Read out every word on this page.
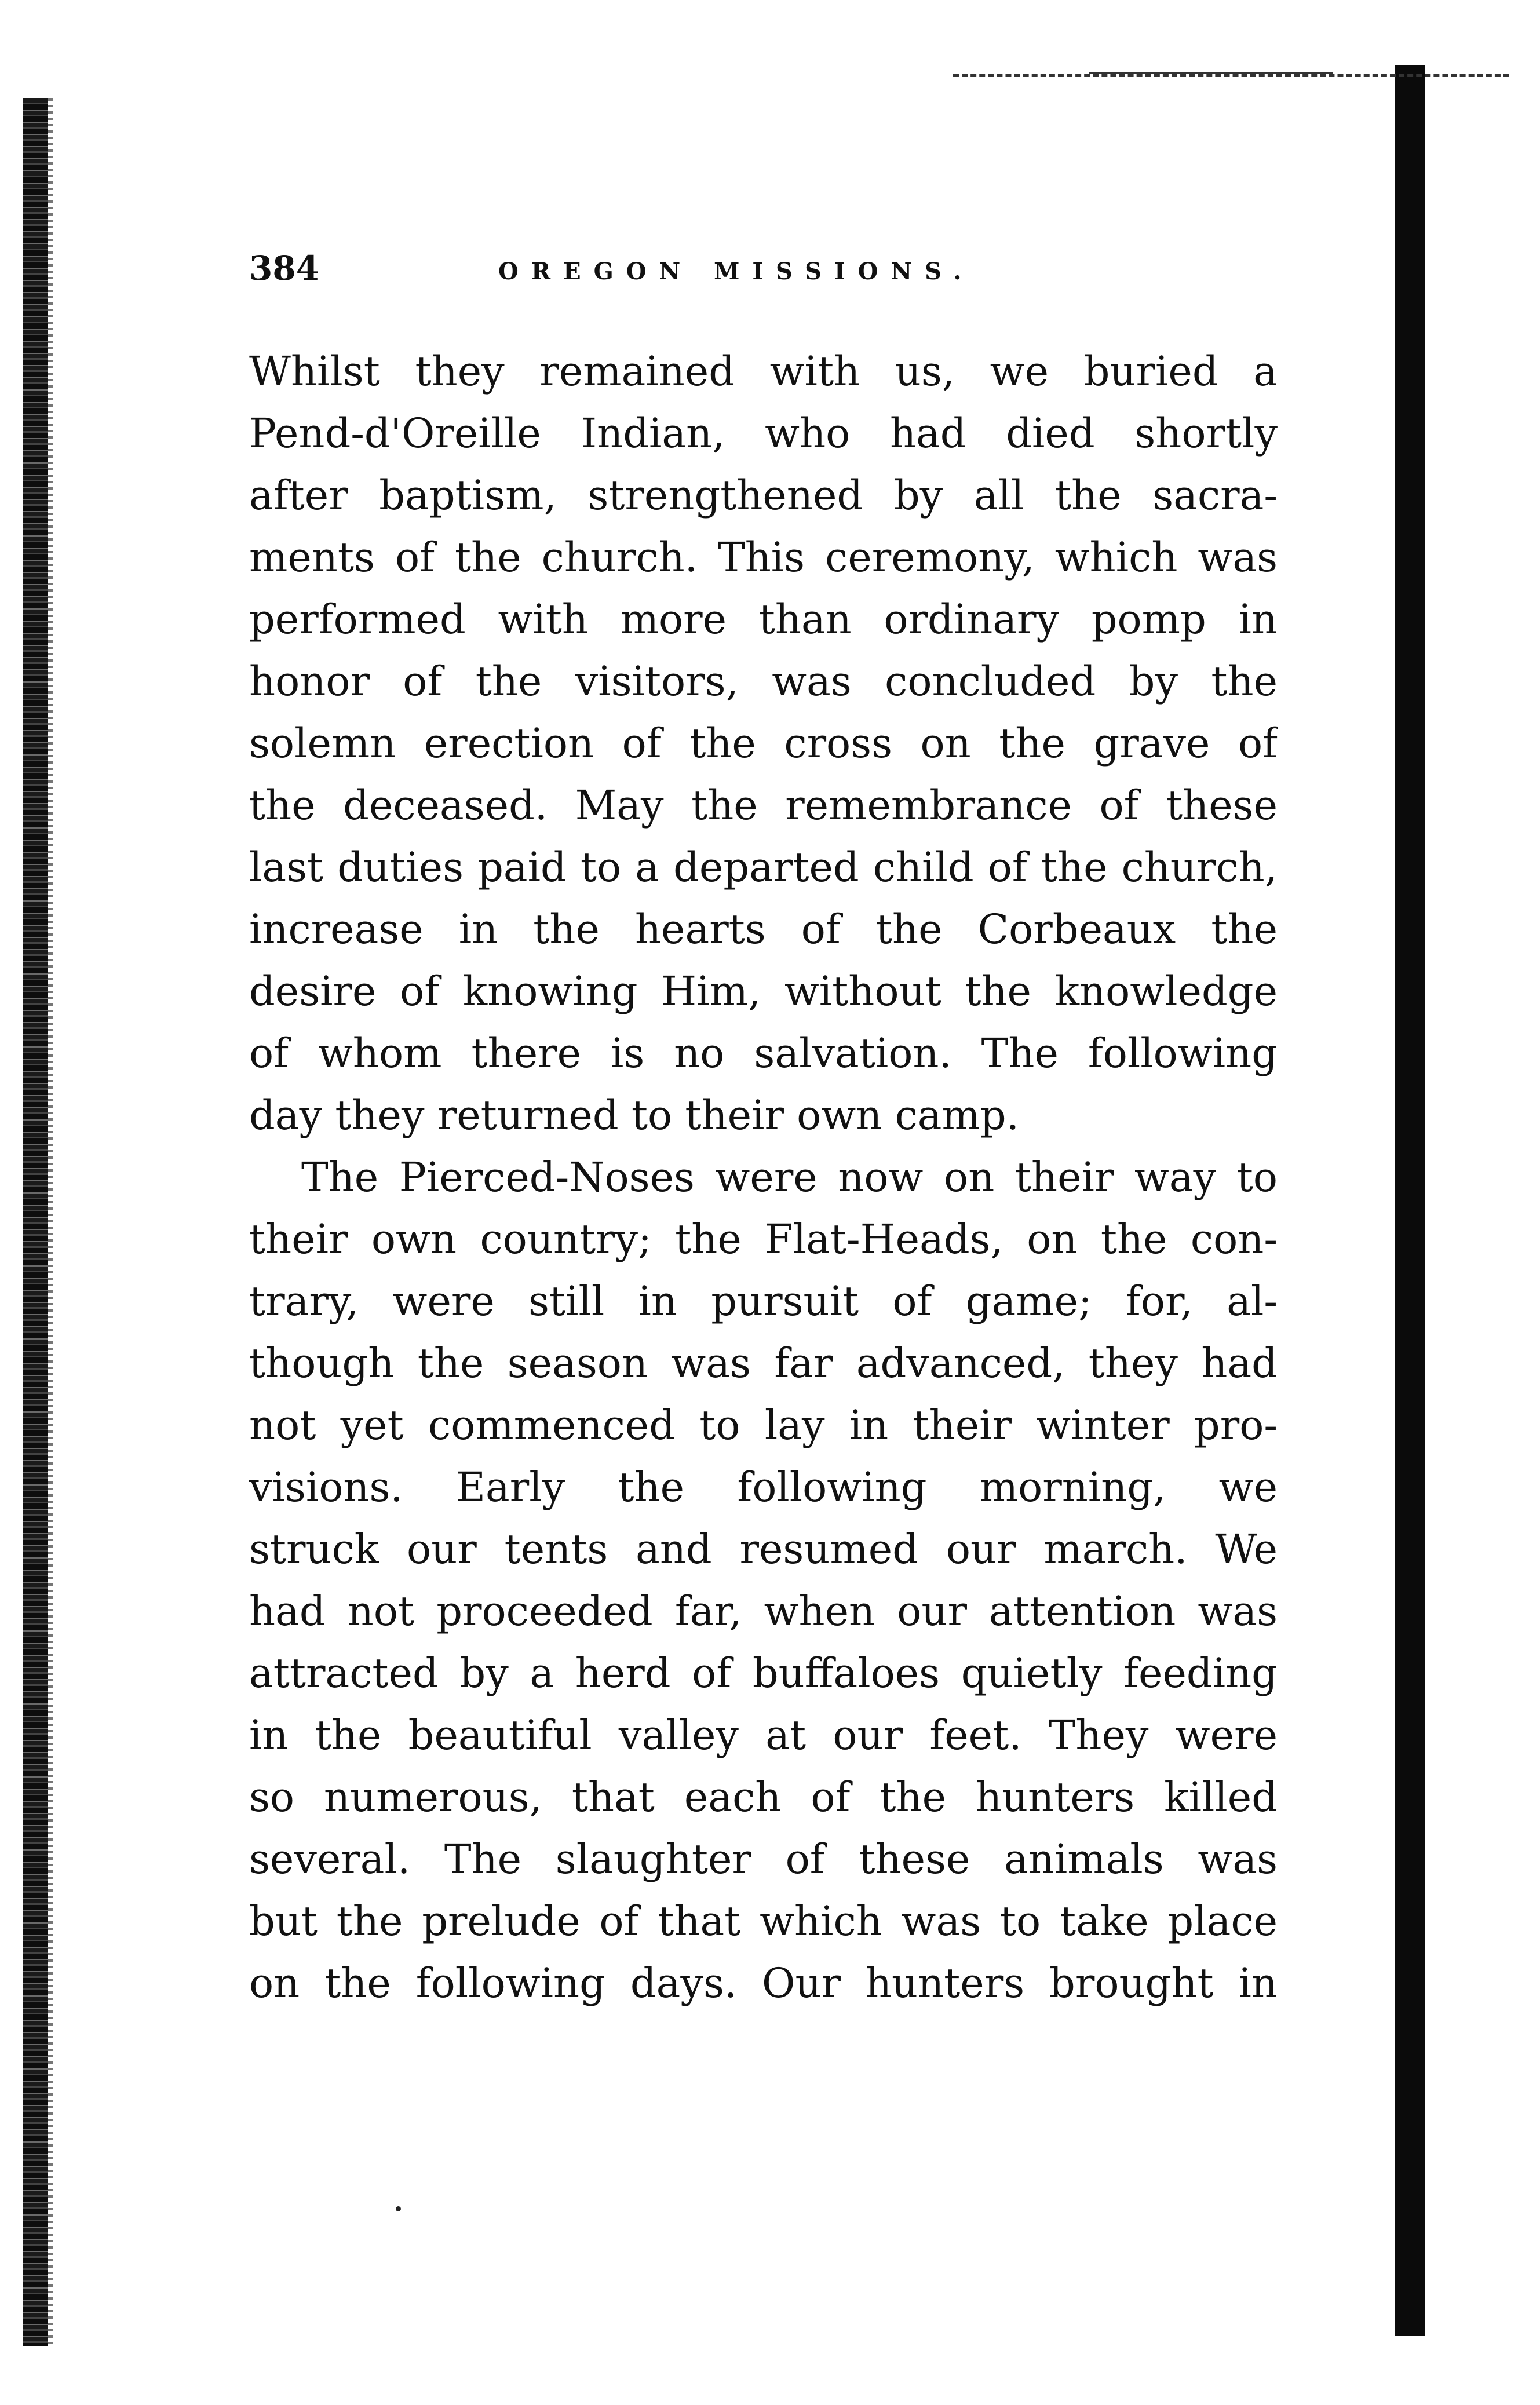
384	OREGON MISSIONS.
Whilst they remained with us, we buried a
Pend-d'Oreille Indian, who had died shortly
after baptism, strengthened by all the sacra-
ments of the church. This ceremony, which was
performed with more than ordinary pomp in
honor of the visitors, was concluded by the
solemn erection of the cross on the grave of
the deceased. May the remembrance of these
last duties paid to a departed child of the church,
increase in the hearts of the Corbeaux the
desire of knowing Him, without the knowledge
of whom there is no salvation. The following
day they returned to their own camp.
The Pierced-Noses were now on their way to
their own country; the Flat-Heads, on the con-
trary, were still in pursuit of game; for, al-
though the season was far advanced, they had
not yet commenced to lay in their winter pro-
visions. Early the following morning, we
struck our tents and resumed our march. We
had not proceeded far, when our attention was
attracted by a herd of buffaloes quietly feeding
in the beautiful valley at our feet. They were
so numerous, that each of the hunters killed
several. The slaughter of these animals was
but the prelude of that which was to take place
on the following days. Our hunters brought in
